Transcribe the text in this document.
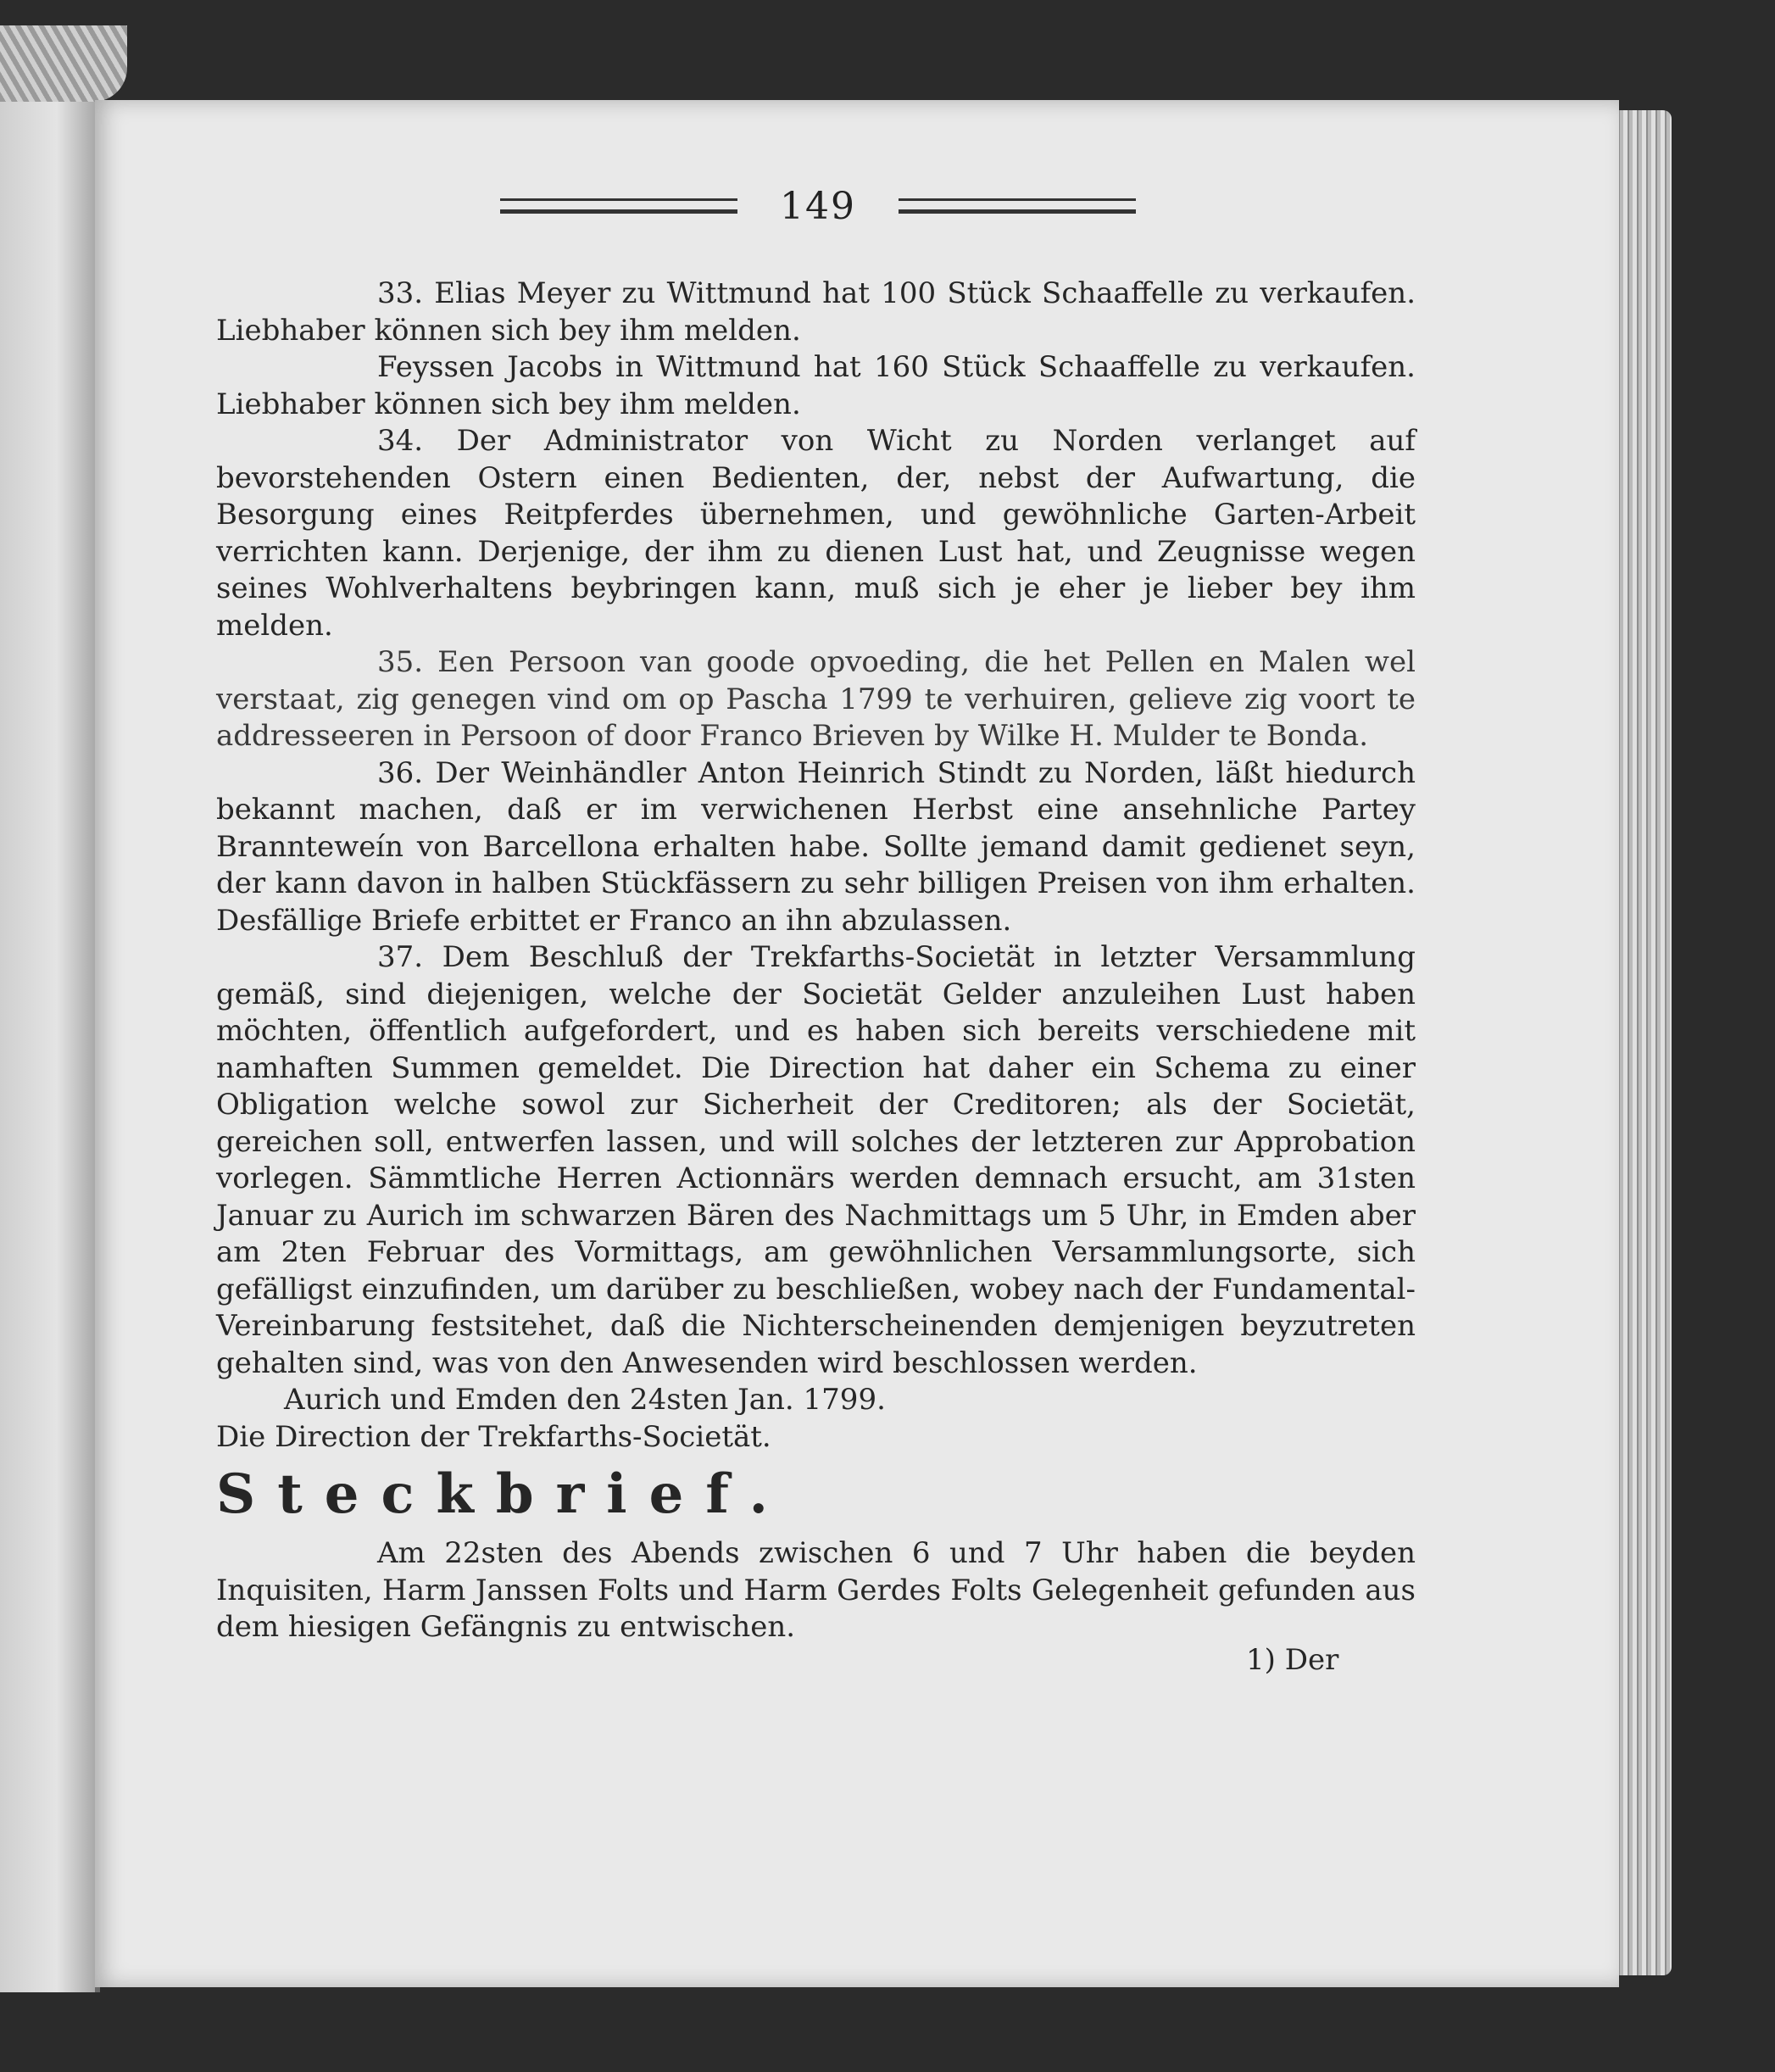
149

33. Elias Meyer zu Wittmund hat 100 Stück Schaaffelle zu verkaufen. Liebhaber können sich bey ihm melden.

Feyssen Jacobs in Wittmund hat 160 Stück Schaaffelle zu verkaufen. Liebhaber können sich bey ihm melden.

34. Der Administrator von Wicht zu Norden verlanget auf bevorstehenden Ostern einen Bedienten, der, nebst der Aufwartung, die Besorgung eines Reitpferdes übernehmen, und gewöhnliche Garten-Arbeit verrichten kann. Derjenige, der ihm zu dienen Lust hat, und Zeugnisse wegen seines Wohlverhaltens beybringen kann, muß sich je eher je lieber bey ihm melden.

35. Een Persoon van goode opvoeding, die het Pellen en Malen wel verstaat, zig genegen vind om op Pascha 1799 te verhuiren, gelieve zig voort te addresseeren in Persoon of door Franco Brieven by Wilke H. Mulder te Bonda.

36. Der Weinhändler Anton Heinrich Stindt zu Norden, läßt hiedurch bekannt machen, daß er im verwichenen Herbst eine ansehnliche Partey Brannteweín von Barcellona erhalten habe. Sollte jemand damit gedienet seyn, der kann davon in halben Stückfässern zu sehr billigen Preisen von ihm erhalten. Desfällige Briefe erbittet er Franco an ihn abzulassen.

37. Dem Beschluß der Trekfarths-Societät in letzter Versammlung gemäß, sind diejenigen, welche der Societät Gelder anzuleihen Lust haben möchten, öffentlich aufgefordert, und es haben sich bereits verschiedene mit namhaften Summen gemeldet. Die Direction hat daher ein Schema zu einer Obligation welche sowol zur Sicherheit der Creditoren; als der Societät, gereichen soll, entwerfen lassen, und will solches der letzteren zur Approbation vorlegen. Sämmtliche Herren Actionnärs werden demnach ersucht, am 31sten Januar zu Aurich im schwarzen Bären des Nachmittags um 5 Uhr, in Emden aber am 2ten Februar des Vormittags, am gewöhnlichen Versammlungsorte, sich gefälligst einzufinden, um darüber zu beschließen, wobey nach der Fundamental-Vereinbarung festsitehet, daß die Nichterscheinenden demjenigen beyzutreten gehalten sind, was von den Anwesenden wird beschlossen werden.

Aurich und Emden den 24sten Jan. 1799.

Die Direction der Trekfarths-Societät.

Steckbrief.

Am 22sten des Abends zwischen 6 und 7 Uhr haben die beyden Inquisiten, Harm Janssen Folts und Harm Gerdes Folts Gelegenheit gefunden aus dem hiesigen Gefängnis zu entwischen.

1) Der
